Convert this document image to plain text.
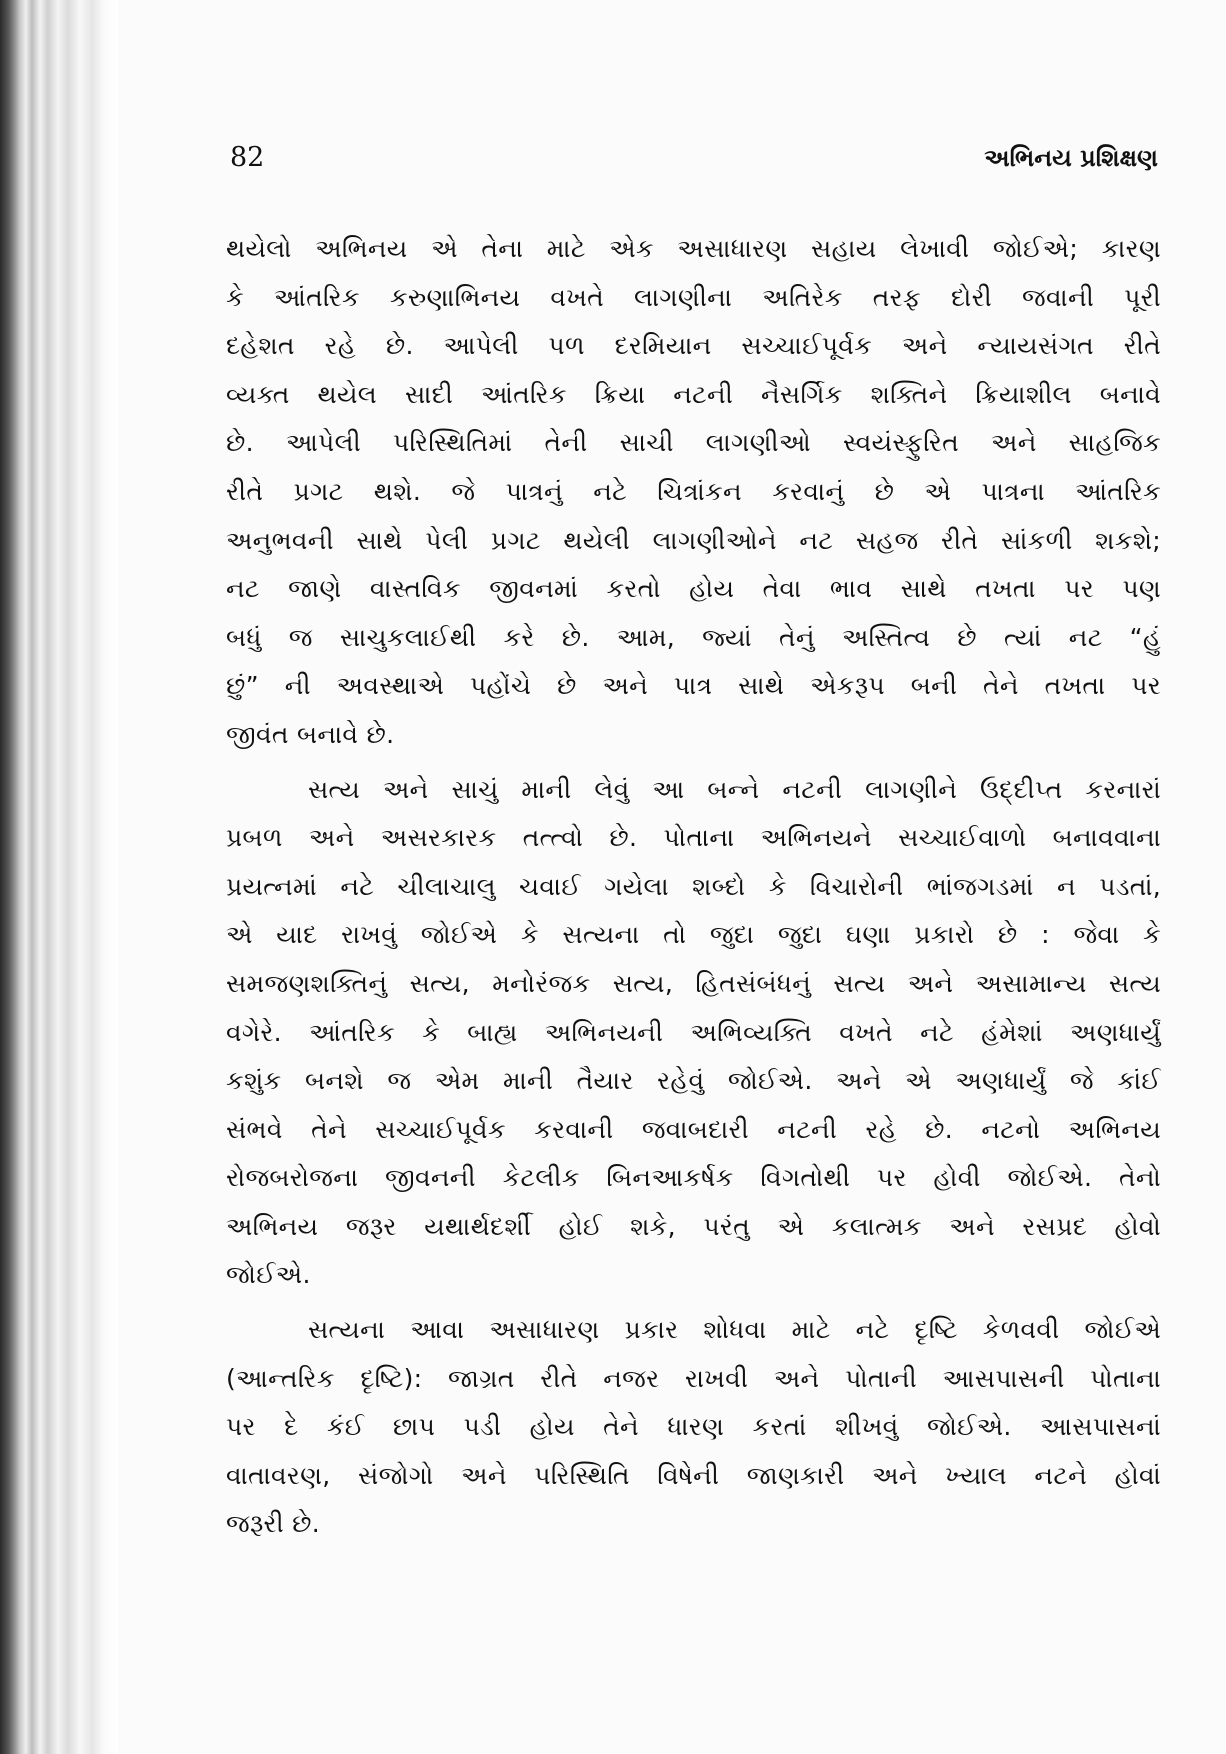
82	અભિનય પ્રશિક્ષણ
થયેલો અભિનય એ તેના માટે એક અસાધારણ સહાય લેખાવી જોઈએ; કારણ
કે આંતરિક કરુણાભિનય વખતે લાગણીના અતિરેક તરફ દોરી જવાની પૂરી
દહેશત રહે છે. આપેલી પળ દરમિયાન સચ્ચાઈપૂર્વક અને ન્યાયસંગત રીતે
વ્યક્ત થયેલ સાદી આંતરિક ક્રિયા નટની નૈસર્ગિક શક્તિને ક્રિયાશીલ બનાવે
છે. આપેલી પરિસ્થિતિમાં તેની સાચી લાગણીઓ સ્વયંસ્ફુરિત અને સાહજિક
રીતે પ્રગટ થશે. જે પાત્રનું નટે ચિત્રાંકન કરવાનું છે એ પાત્રના આંતરિક
અનુભવની સાથે પેલી પ્રગટ થયેલી લાગણીઓને નટ સહજ રીતે સાંકળી શકશે;
નટ જાણે વાસ્તવિક જીવનમાં કરતો હોય તેવા ભાવ સાથે તખતા પર પણ
બધું જ સાચુકલાઈથી કરે છે. આમ, જ્યાં તેનું અસ્તિત્વ છે ત્યાં નટ “હું
છું” ની અવસ્થાએ પહોંચે છે અને પાત્ર સાથે એકરૂપ બની તેને તખતા પર
જીવંત બનાવે છે.
સત્ય અને સાચું માની લેવું આ બન્ને નટની લાગણીને ઉદ્દીપ્ત કરનારાં
પ્રબળ અને અસરકારક તત્ત્વો છે. પોતાના અભિનયને સચ્ચાઈવાળો બનાવવાના
પ્રયત્નમાં નટે ચીલાચાલુ ચવાઈ ગયેલા શબ્દો કે વિચારોની ભાંજગડમાં ન પડતાં,
એ યાદ રાખવું જોઈએ કે સત્યના તો જુદા જુદા ઘણા પ્રકારો છે : જેવા કે
સમજણશક્તિનું સત્ય, મનોરંજક સત્ય, હિતસંબંધનું સત્ય અને અસામાન્ય સત્ય
વગેરે. આંતરિક કે બાહ્ય અભિનયની અભિવ્યક્તિ વખતે નટે હંમેશાં અણધાર્યું
કશુંક બનશે જ એમ માની તૈયાર રહેવું જોઈએ. અને એ અણધાર્યું જે કાંઈ
સંભવે તેને સચ્ચાઈપૂર્વક કરવાની જવાબદારી નટની રહે છે. નટનો અભિનય
રોજબરોજના જીવનની કેટલીક બિનઆકર્ષક વિગતોથી પર હોવી જોઈએ. તેનો
અભિનય જરૂર યથાર્થદર્શી હોઈ શકે, પરંતુ એ કલાત્મક અને રસપ્રદ હોવો
જોઈએ.
સત્યના આવા અસાધારણ પ્રકાર શોધવા માટે નટે દૃષ્ટિ કેળવવી જોઈએ
(આન્તરિક દૃષ્ટિ): જાગ્રત રીતે નજર રાખવી અને પોતાની આસપાસની પોતાના
પર દે કંઈ છાપ પડી હોય તેને ધારણ કરતાં શીખવું જોઈએ. આસપાસનાં
વાતાવરણ, સંજોગો અને પરિસ્થિતિ વિષેની જાણકારી અને ખ્યાલ નટને હોવાં
જરૂરી છે.
